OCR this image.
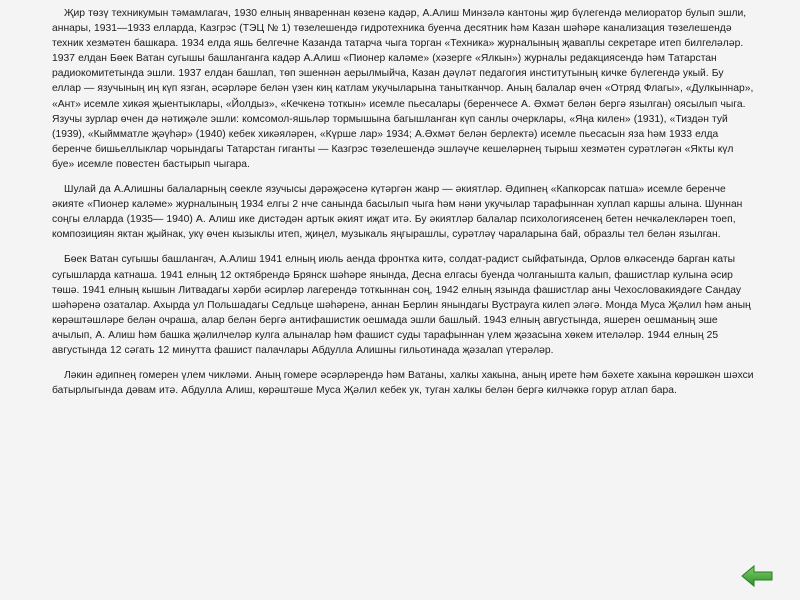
Җир төзү техникумын тәмамлагач, 1930 елның январеннан көзенә кадәр, А.Алиш Минзәлә кантоны җир бүлегендә мелиоратор булып эшли, аннары, 1931—1933 елларда, Казгрэс (ТЭЦ № 1) төзелешендә гидротехника буенча десятник һәм Казан шәһәре канализация төзелешендә техник хезмәтен башкара. 1934 елда яшь белгечне Казанда татарча чыга торган «Техника» журналының җаваплы секретаре итеп билгеләләр. 1937 елдан Бөек Ватан сугышы башланганга кадәр А.Алиш «Пионер каләме» (хәзерге «Ялкын») журналы редакциясендә һәм Татарстан радиокомитетында эшли. 1937 елдан башлап, төп эшеннән аерылмыйча, Казан дәүләт педагогия институтының кичке бүлегендә укый. Бу еллар — язучының иң күп язган, әсәрләре белән үзен киң катлам укучыларына танытканчор. Аның балалар өчен «Отряд Флагы», «Дулкыннар», «Ант» исемле хикәя җыентыклары, «Йолдыз», «Кечкенә тоткын» исемле пьесалары (беренчесе А. Әхмәт белән бергә язылган) оясылып чыга. Язучы зурлар өчен дә нәтиҗәле эшли: комсомол-яшьләр тормышына багышланган күп санлы очерклары, «Яңа килен» (1931), «Тиздән туй (1939), «Кыймматле җәүһәр» (1940) кебек хикәяләрен, «Күрше лар» 1934; А.Әхмәт белән берлектә) исемле пьесасын яза һәм 1933 елда беренче бишьеллыклар чорындагы Татарстан гиганты — Казгрэс төзелешендә эшләүче кешеләрнең тырыш хезмәтен сурәтләгән «Якты күл буе» исемле повестен бастырып чыгара.

Шулай да А.Алишны балаларның сөекле язучысы дәрәҗәсенә күтәргән жанр — әкиятләр. Әдипнең «Капкорсак патша» исемле беренче әкияте «Пионер каләме» журналының 1934 елгы 2 нче санында басылып чыга һәм нәни укучылар тарафыннан хуплап каршы алына. Шуннан соңгы елларда (1935— 1940) А. Алиш ике дистәдән артык әкият иҗат итә. Бу әкиятләр балалар психологиясенең бетен нечкәлекләрен тоеп, композициян яктан җыйнак, укү өчен кызыклы итеп, җиңел, музыкаль яңгырашлы, сурәтләү чараларына бай, образлы тел белән язылган.

Бөек Ватан сугышы башлангач, А.Алиш 1941 елның июль аенда фронтка китә, солдат-радист сыйфатында, Орлов өлкәсендә барган каты сугышларда катнаша. 1941 елның 12 октябрендә Брянск шәһәре янында, Десна елгасы буенда чолганышта калып, фашистлар кулына әсир төшә. 1941 елның кышын Литвадагы хәрби әсирләр лагерендә тоткыннан соң, 1942 елның язында фашистлар аны Чехословакиядәге Сандау шәһәренә озаталар. Ахырда ул Польшадагы Седльце шәһәренә, аннан Берлин янындагы Вустрауга килеп эләгә. Монда Муса Җәлил һәм аның көрәштәшләре белән очраша, алар белән бергә антифашистик оешмада эшли башлый. 1943 елның августында, яшерен оешманың эше ачылып, А. Алиш һәм башка җәлилчеләр кулга алыналар һәм фашист суды тарафыннан үлем җәзасына хөкем ителәләр. 1944 елның 25 августында 12 сәгать 12 минутта фашист палачлары Абдулла Алишны гильотинада җәзалап үтерәләр.

Ләкин әдипнең гомерен үлем чикләми. Аның гомере әсәрләрендә һәм Ватаны, халкы хакына, аның ирете һәм бәхете хакына көрәшкән шәхси батырлыгында дәвам итә. Абдулла Алиш, көрәштәше Муса Җәлил кебек ук, туган халкы белән бергә килчәккә горур атлап бара.
